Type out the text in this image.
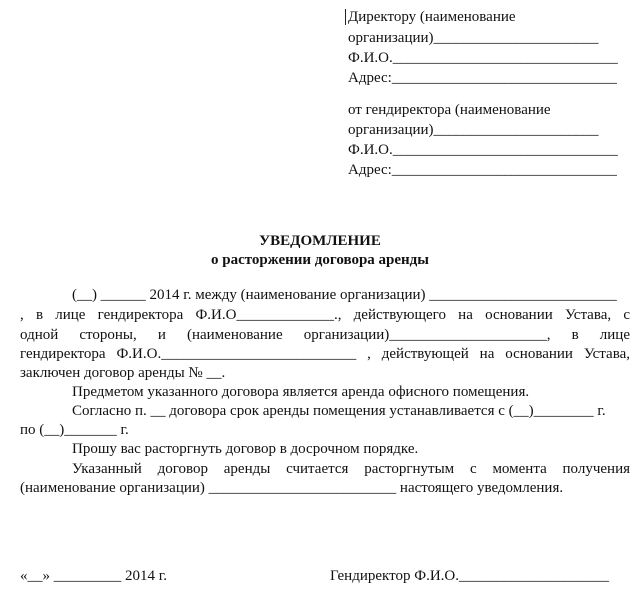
Директору (наименование
организации)______________________
Ф.И.О.______________________________
Адрес:______________________________
от гендиректора (наименование
организации)______________________
Ф.И.О.______________________________
Адрес:______________________________
УВЕДОМЛЕНИЕ
о расторжении договора аренды
(__) ______ 2014 г. между (наименование организации) _________________________
, в лице гендиректора Ф.И.О_____________., действующего на основании Устава, с
одной стороны, и (наименование организации)_____________________, в лице
гендиректора Ф.И.О.__________________________ , действующей на основании Устава,
заключен договор аренды № __.
Предметом указанного договора является аренда офисного помещения.
Согласно п. __ договора срок аренды помещения устанавливается с (__)________ г.
по (__)_______ г.
Прошу вас расторгнуть договор в досрочном порядке.
Указанный договор аренды считается расторгнутым с момента получения
(наименование организации) _________________________ настоящего уведомления.
«__» _________ 2014 г.	Гендиректор Ф.И.О.____________________
